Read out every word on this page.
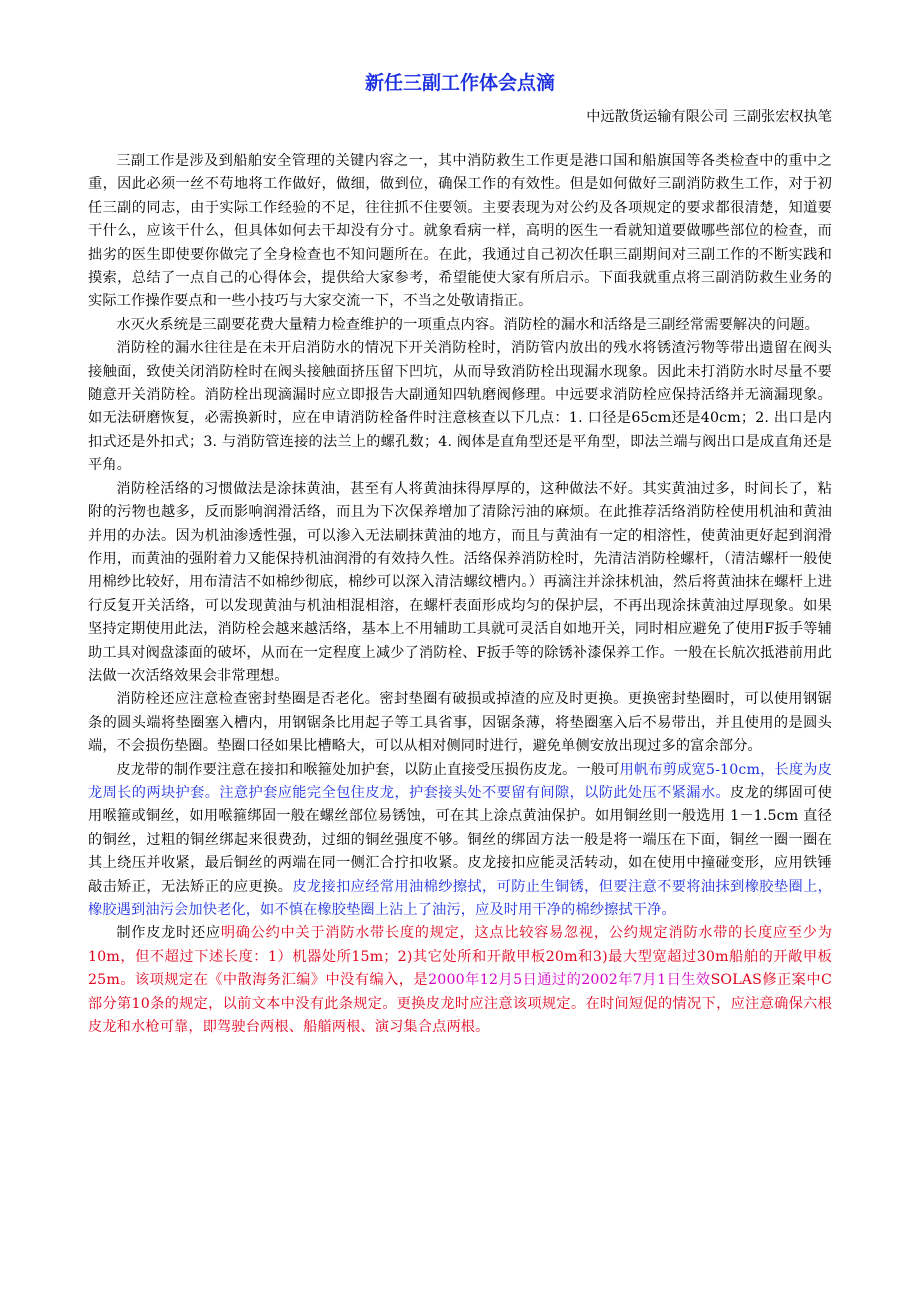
新任三副工作体会点滴
中远散货运输有限公司 三副张宏权执笔

三副工作是涉及到船舶安全管理的关键内容之一，其中消防救生工作更是港口国和船旗国等各类检查中的重中之重，因此必须一丝不苟地将工作做好，做细，做到位，确保工作的有效性。但是如何做好三副消防救生工作，对于初任三副的同志，由于实际工作经验的不足，往往抓不住要领。主要表现为对公约及各项规定的要求都很清楚，知道要干什么，应该干什么，但具体如何去干却没有分寸。就象看病一样，高明的医生一看就知道要做哪些部位的检查，而拙劣的医生即使要你做完了全身检查也不知问题所在。在此，我通过自己初次任职三副期间对三副工作的不断实践和摸索，总结了一点自己的心得体会，提供给大家参考，希望能使大家有所启示。下面我就重点将三副消防救生业务的实际工作操作要点和一些小技巧与大家交流一下，不当之处敬请指正。

水灭火系统是三副要花费大量精力检查维护的一项重点内容。消防栓的漏水和活络是三副经常需要解决的问题。

消防栓的漏水往往是在未开启消防水的情况下开关消防栓时，消防管内放出的残水将锈渣污物等带出遗留在阀头接触面，致使关闭消防栓时在阀头接触面挤压留下凹坑，从而导致消防栓出现漏水现象。因此未打消防水时尽量不要随意开关消防栓。消防栓出现滴漏时应立即报告大副通知四轨磨阀修理。中远要求消防栓应保持活络并无滴漏现象。如无法研磨恢复，必需换新时，应在申请消防栓备件时注意核查以下几点：1. 口径是65cm还是40cm；2. 出口是内扣式还是外扣式；3. 与消防管连接的法兰上的螺孔数；4. 阀体是直角型还是平角型，即法兰端与阀出口是成直角还是平角。

消防栓活络的习惯做法是涂抹黄油，甚至有人将黄油抹得厚厚的，这种做法不好。其实黄油过多，时间长了，粘附的污物也越多，反而影响润滑活络，而且为下次保养增加了清除污油的麻烦。在此推荐活络消防栓使用机油和黄油并用的办法。因为机油渗透性强，可以渗入无法刷抹黄油的地方，而且与黄油有一定的相溶性，使黄油更好起到润滑作用，而黄油的强附着力又能保持机油润滑的有效持久性。活络保养消防栓时，先清洁消防栓螺杆，（清洁螺杆一般使用棉纱比较好，用布清洁不如棉纱彻底，棉纱可以深入清洁螺纹槽内。）再滴注并涂抹机油，然后将黄油抹在螺杆上进行反复开关活络，可以发现黄油与机油相混相溶，在螺杆表面形成均匀的保护层，不再出现涂抹黄油过厚现象。如果坚持定期使用此法，消防栓会越来越活络，基本上不用辅助工具就可灵活自如地开关，同时相应避免了使用F扳手等辅助工具对阀盘漆面的破坏，从而在一定程度上减少了消防栓、F扳手等的除锈补漆保养工作。一般在长航次抵港前用此法做一次活络效果会非常理想。

消防栓还应注意检查密封垫圈是否老化。密封垫圈有破损或掉渣的应及时更换。更换密封垫圈时，可以使用钢锯条的圆头端将垫圈塞入槽内，用钢锯条比用起子等工具省事，因锯条薄，将垫圈塞入后不易带出，并且使用的是圆头端，不会损伤垫圈。垫圈口径如果比槽略大，可以从相对侧同时进行，避免单侧安放出现过多的富余部分。

皮龙带的制作要注意在接扣和喉箍处加护套，以防止直接受压损伤皮龙。一般可用帆布剪成宽5-10cm，长度为皮龙周长的两块护套。注意护套应能完全包住皮龙，护套接头处不要留有间隙，以防此处压不紧漏水。皮龙的绑固可使用喉箍或铜丝，如用喉箍绑固一般在螺丝部位易锈蚀，可在其上涂点黄油保护。如用铜丝則一般选用 1－1.5cm 直径的铜丝，过粗的铜丝绑起来很费劲，过细的铜丝强度不够。铜丝的绑固方法一般是将一端压在下面，铜丝一圈一圈在其上绕压并收紧，最后铜丝的两端在同一侧汇合拧扣收紧。皮龙接扣应能灵活转动，如在使用中撞碰变形，应用铁锤敲击矫正，无法矫正的应更换。皮龙接扣应经常用油棉纱擦拭，可防止生铜锈，但要注意不要将油抹到橡胶垫圈上，橡胶遇到油污会加快老化，如不慎在橡胶垫圈上沾上了油污，应及时用干净的棉纱擦拭干净。

制作皮龙时还应明确公约中关于消防水带长度的规定，这点比较容易忽视，公约规定消防水带的长度应至少为10m，但不超过下述长度：1）机器处所15m；2)其它处所和开敞甲板20m和3)最大型宽超过30m船舶的开敞甲板25m。该项规定在《中散海务汇编》中没有编入，是2000年12月5日通过的2002年7月1日生效SOLAS修正案中C部分第10条的规定，以前文本中没有此条规定。更换皮龙时应注意该项规定。在时间短促的情况下，应注意确保六根皮龙和水枪可靠，即驾驶台两根、船艏两根、演习集合点两根。
